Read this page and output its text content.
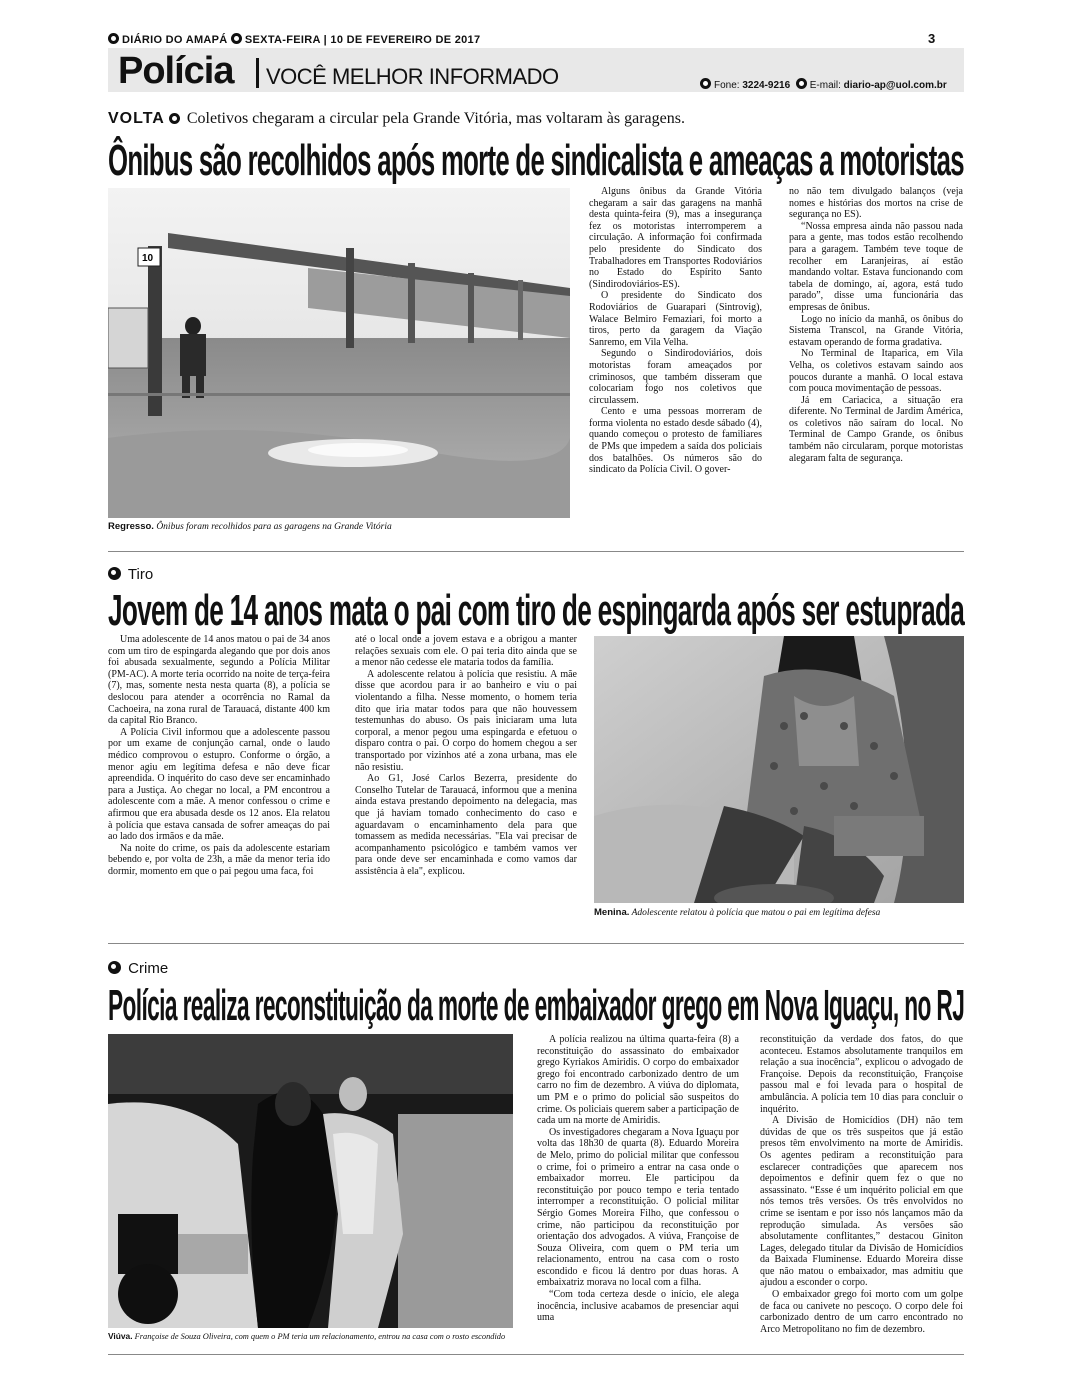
DIÁRIO DO AMAPÁ SEXTA-FEIRA | 10 DE FEVEREIRO DE 2017	3
Polícia VOCÊ MELHOR INFORMADO	Fone: 3224-9216 E-mail: diario-ap@uol.com.br
VOLTA Coletivos chegaram a circular pela Grande Vitória, mas voltaram às garagens.
Ônibus são recolhidos após morte de sindicalista e ameaças a motoristas
10
Regresso. Ônibus foram recolhidos para as garagens na Grande Vitória

Alguns ônibus da Grande Vitória chegaram a sair das garagens na manhã desta quinta-feira (9), mas a insegurança fez os motoristas interromperem a circulação. A informação foi confirmada pelo presidente do Sindicato dos Trabalhadores em Transportes Rodoviários no Estado do Espírito Santo (Sindirodoviários-ES).

O presidente do Sindicato dos Rodoviários de Guarapari (Sintrovig), Walace Belmiro Femaziari, foi morto a tiros, perto da garagem da Viação Sanremo, em Vila Velha.

Segundo o Sindirodoviários, dois motoristas foram ameaçados por criminosos, que também disseram que colocariam fogo nos coletivos que circulassem.

Cento e uma pessoas morreram de forma violenta no estado desde sábado (4), quando começou o protesto de familiares de PMs que impedem a saída dos policiais dos batalhões. Os números são do sindicato da Polícia Civil. O gover-

no não tem divulgado balanços (veja nomes e histórias dos mortos na crise de segurança no ES).

“Nossa empresa ainda não passou nada para a gente, mas todos estão recolhendo para a garagem. Também teve toque de recolher em Laranjeiras, aí estão mandando voltar. Estava funcionando com tabela de domingo, aí, agora, está tudo parado”, disse uma funcionária das empresas de ônibus.

Logo no início da manhã, os ônibus do Sistema Transcol, na Grande Vitória, estavam operando de forma gradativa.

No Terminal de Itaparica, em Vila Velha, os coletivos estavam saindo aos poucos durante a manhã. O local estava com pouca movimentação de pessoas.

Já em Cariacica, a situação era diferente. No Terminal de Jardim América, os coletivos não saíram do local. No Terminal de Campo Grande, os ônibus também não circularam, porque motoristas alegaram falta de segurança.

Tiro
Jovem de 14 anos mata o pai com tiro de espingarda após ser estuprada

Uma adolescente de 14 anos matou o pai de 34 anos com um tiro de espingarda alegando que por dois anos foi abusada sexualmente, segundo a Polícia Militar (PM-AC). A morte teria ocorrido na noite de terça-feira (7), mas, somente nesta nesta quarta (8), a polícia se deslocou para atender a ocorrência no Ramal da Cachoeira, na zona rural de Tarauacá, distante 400 km da capital Rio Branco.

A Polícia Civil informou que a adolescente passou por um exame de conjunção carnal, onde o laudo médico comprovou o estupro. Conforme o órgão, a menor agiu em legítima defesa e não deve ficar apreendida. O inquérito do caso deve ser encaminhado para a Justiça. Ao chegar no local, a PM encontrou a adolescente com a mãe. A menor confessou o crime e afirmou que era abusada desde os 12 anos. Ela relatou à polícia que estava cansada de sofrer ameaças do pai ao lado dos irmãos e da mãe.

Na noite do crime, os pais da adolescente estariam bebendo e, por volta de 23h, a mãe da menor teria ido dormir, momento em que o pai pegou uma faca, foi

até o local onde a jovem estava e a obrigou a manter relações sexuais com ele. O pai teria dito ainda que se a menor não cedesse ele mataria todos da família.

A adolescente relatou à polícia que resistiu. A mãe disse que acordou para ir ao banheiro e viu o pai violentando a filha. Nesse momento, o homem teria dito que iria matar todos para que não houvessem testemunhas do abuso. Os pais iniciaram uma luta corporal, a menor pegou uma espingarda e efetuou o disparo contra o pai. O corpo do homem chegou a ser transportado por vizinhos até a zona urbana, mas ele não resistiu.

Ao G1, José Carlos Bezerra, presidente do Conselho Tutelar de Tarauacá, informou que a menina ainda estava prestando depoimento na delegacia, mas que já haviam tomado conhecimento do caso e aguardavam o encaminhamento dela para que tomassem as medida necessárias. "Ela vai precisar de acompanhamento psicológico e também vamos ver para onde deve ser encaminhada e como vamos dar assistência à ela", explicou.

Menina. Adolescente relatou à polícia que matou o pai em legítima defesa
Crime
Polícia realiza reconstituição da morte de embaixador grego em Nova Iguaçu, no RJ
Viúva. Françoise de Souza Oliveira, com quem o PM teria um relacionamento, entrou na casa com o rosto escondido

A polícia realizou na última quarta-feira (8) a reconstituição do assassinato do embaixador grego Kyriakos Amiridis. O corpo do embaixador grego foi encontrado carbonizado dentro de um carro no fim de dezembro. A viúva do diplomata, um PM e o primo do policial são suspeitos do crime. Os policiais querem saber a participação de cada um na morte de Amiridis.

Os investigadores chegaram a Nova Iguaçu por volta das 18h30 de quarta (8). Eduardo Moreira de Melo, primo do policial militar que confessou o crime, foi o primeiro a entrar na casa onde o embaixador morreu. Ele participou da reconstituição por pouco tempo e teria tentado interromper a reconstituição. O policial militar Sérgio Gomes Moreira Filho, que confessou o crime, não participou da reconstituição por orientação dos advogados. A viúva, Françoise de Souza Oliveira, com quem o PM teria um relacionamento, entrou na casa com o rosto escondido e ficou lá dentro por duas horas. A embaixatriz morava no local com a filha.

“Com toda certeza desde o início, ele alega inocência, inclusive acabamos de presenciar aqui uma

reconstituição da verdade dos fatos, do que aconteceu. Estamos absolutamente tranquilos em relação a sua inocência”, explicou o advogado de Françoise. Depois da reconstituição, Françoise passou mal e foi levada para o hospital de ambulância. A polícia tem 10 dias para concluir o inquérito.

A Divisão de Homicídios (DH) não tem dúvidas de que os três suspeitos que já estão presos têm envolvimento na morte de Amiridis. Os agentes pediram a reconstituição para esclarecer contradições que aparecem nos depoimentos e definir quem fez o que no assassinato. “Esse é um inquérito policial em que nós temos três versões. Os três envolvidos no crime se isentam e por isso nós lançamos mão da reprodução simulada. As versões são absolutamente conflitantes,” destacou Giniton Lages, delegado titular da Divisão de Homicídios da Baixada Fluminense. Eduardo Moreira disse que não matou o embaixador, mas admitiu que ajudou a esconder o corpo.

O embaixador grego foi morto com um golpe de faca ou canivete no pescoço. O corpo dele foi carbonizado dentro de um carro encontrado no Arco Metropolitano no fim de dezembro.
